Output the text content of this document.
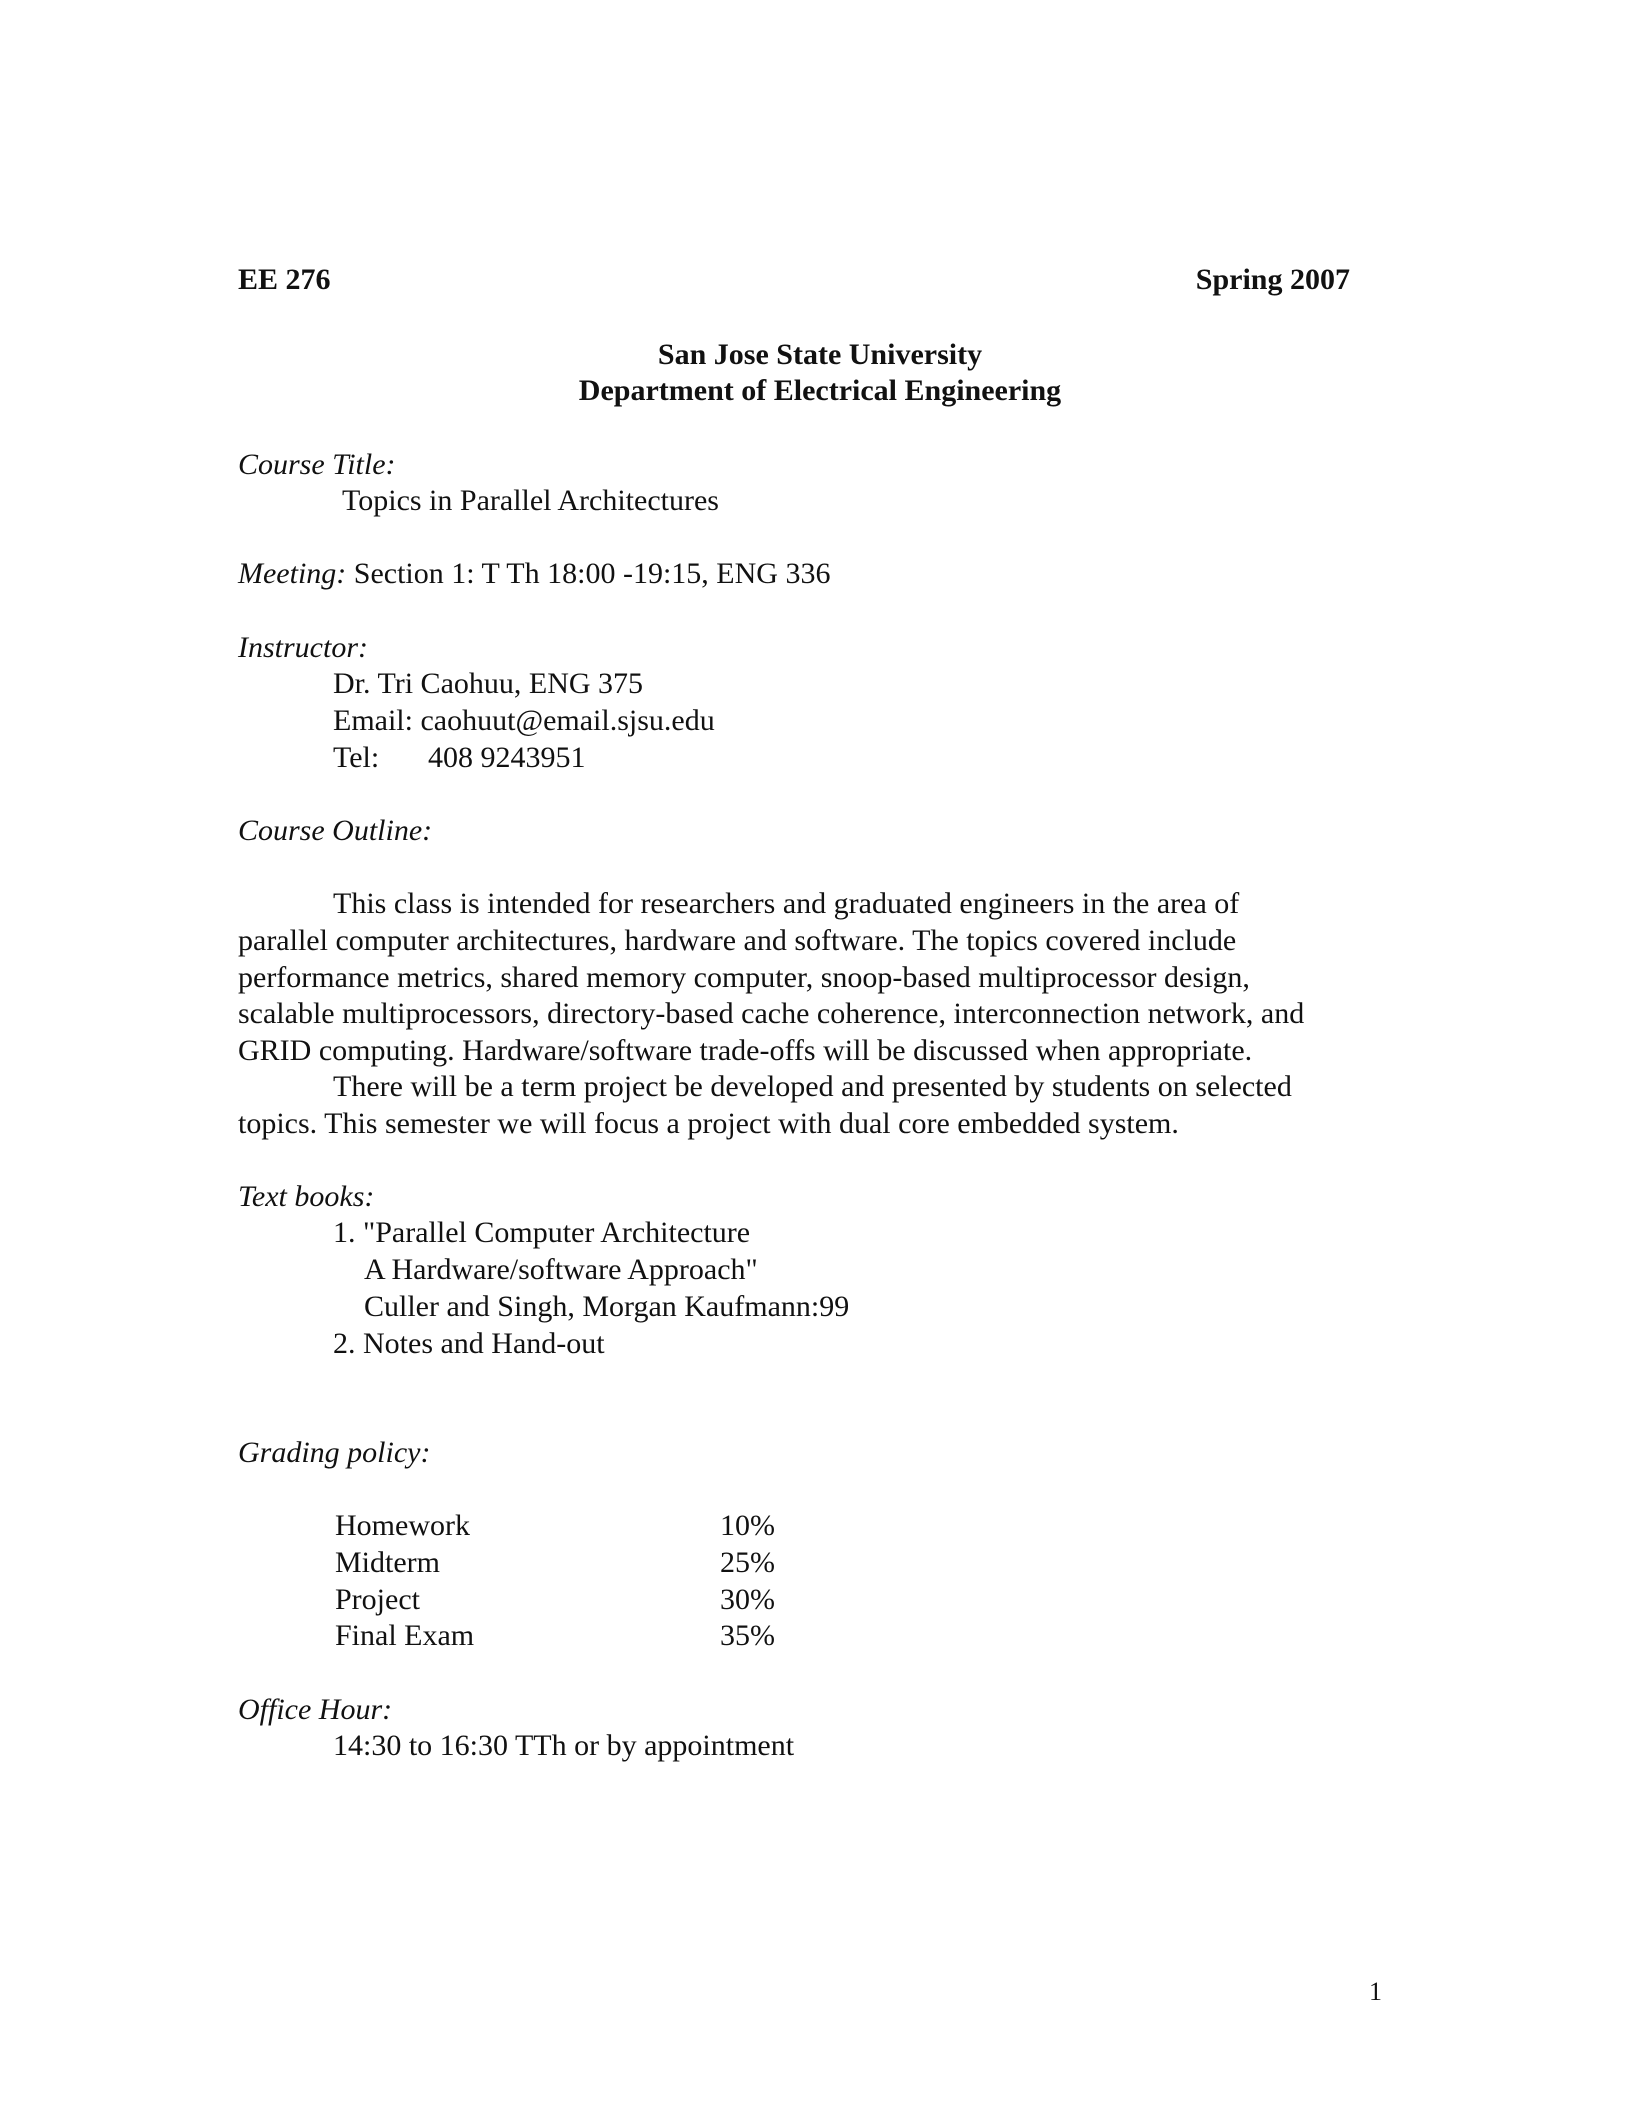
EE 276	Spring 2007
San Jose State University
Department of Electrical Engineering
Course Title:
Topics in Parallel Architectures
Meeting: Section 1: T Th 18:00 -19:15, ENG 336
Instructor:
Dr. Tri Caohuu, ENG 375
Email: caohuut@email.sjsu.edu
Tel: 408 9243951
Course Outline:
This class is intended for researchers and graduated engineers in the area of
parallel computer architectures, hardware and software. The topics covered include
performance metrics, shared memory computer, snoop-based multiprocessor design,
scalable multiprocessors, directory-based cache coherence, interconnection network, and
GRID computing. Hardware/software trade-offs will be discussed when appropriate.
There will be a term project be developed and presented by students on selected
topics. This semester we will focus a project with dual core embedded system.
Text books:
1. "Parallel Computer Architecture
A Hardware/software Approach"
Culler and Singh, Morgan Kaufmann:99
2. Notes and Hand-out
Grading policy:
Homework	10%
Midterm	25%
Project	30%
Final Exam	35%
Office Hour:
14:30 to 16:30 TTh or by appointment
1
